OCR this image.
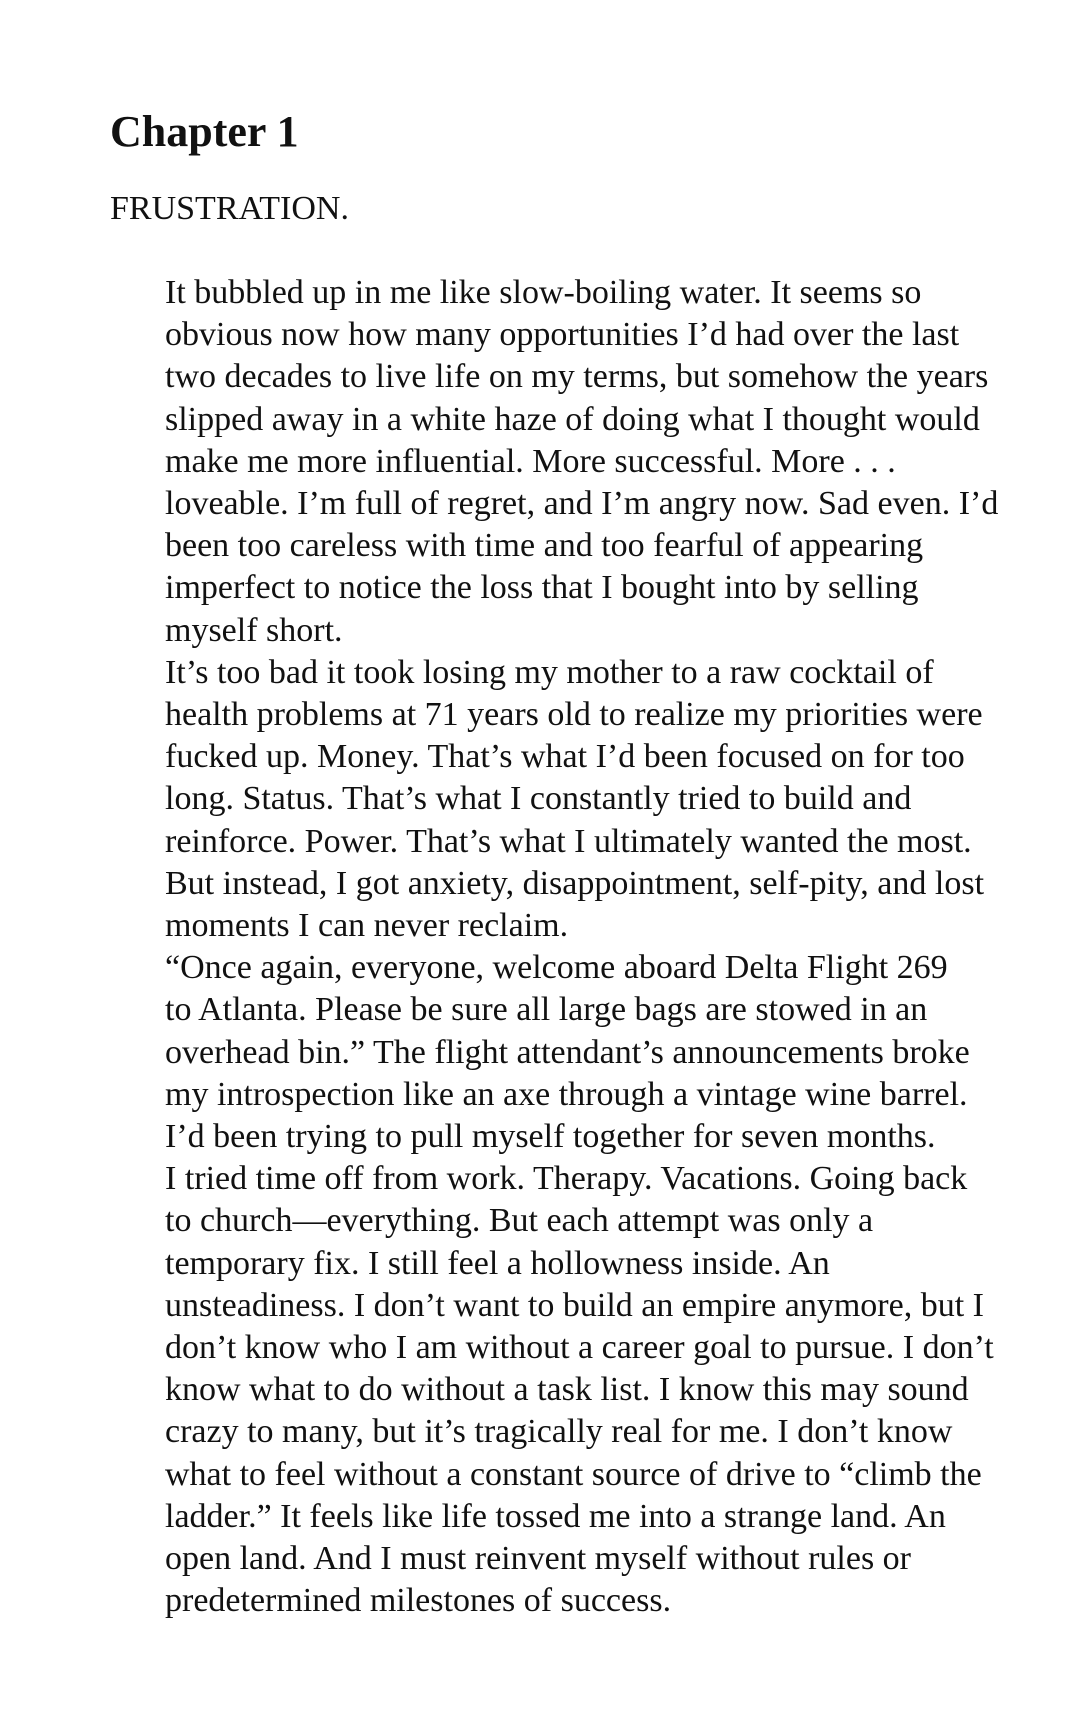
Chapter 1

FRUSTRATION.

It bubbled up in me like slow-boiling water. It seems so
obvious now how many opportunities I’d had over the last
two decades to live life on my terms, but somehow the years
slipped away in a white haze of doing what I thought would
make me more influential. More successful. More . . .
loveable. I’m full of regret, and I’m angry now. Sad even. I’d
been too careless with time and too fearful of appearing
imperfect to notice the loss that I bought into by selling
myself short.

It’s too bad it took losing my mother to a raw cocktail of
health problems at 71 years old to realize my priorities were
fucked up. Money. That’s what I’d been focused on for too
long. Status. That’s what I constantly tried to build and
reinforce. Power. That’s what I ultimately wanted the most.
But instead, I got anxiety, disappointment, self-pity, and lost
moments I can never reclaim.

“Once again, everyone, welcome aboard Delta Flight 269
to Atlanta. Please be sure all large bags are stowed in an
overhead bin.” The flight attendant’s announcements broke
my introspection like an axe through a vintage wine barrel.

I’d been trying to pull myself together for seven months.
I tried time off from work. Therapy. Vacations. Going back
to church—everything. But each attempt was only a
temporary fix. I still feel a hollowness inside. An
unsteadiness. I don’t want to build an empire anymore, but I
don’t know who I am without a career goal to pursue. I don’t
know what to do without a task list. I know this may sound
crazy to many, but it’s tragically real for me. I don’t know
what to feel without a constant source of drive to “climb the
ladder.” It feels like life tossed me into a strange land. An
open land. And I must reinvent myself without rules or
predetermined milestones of success.
